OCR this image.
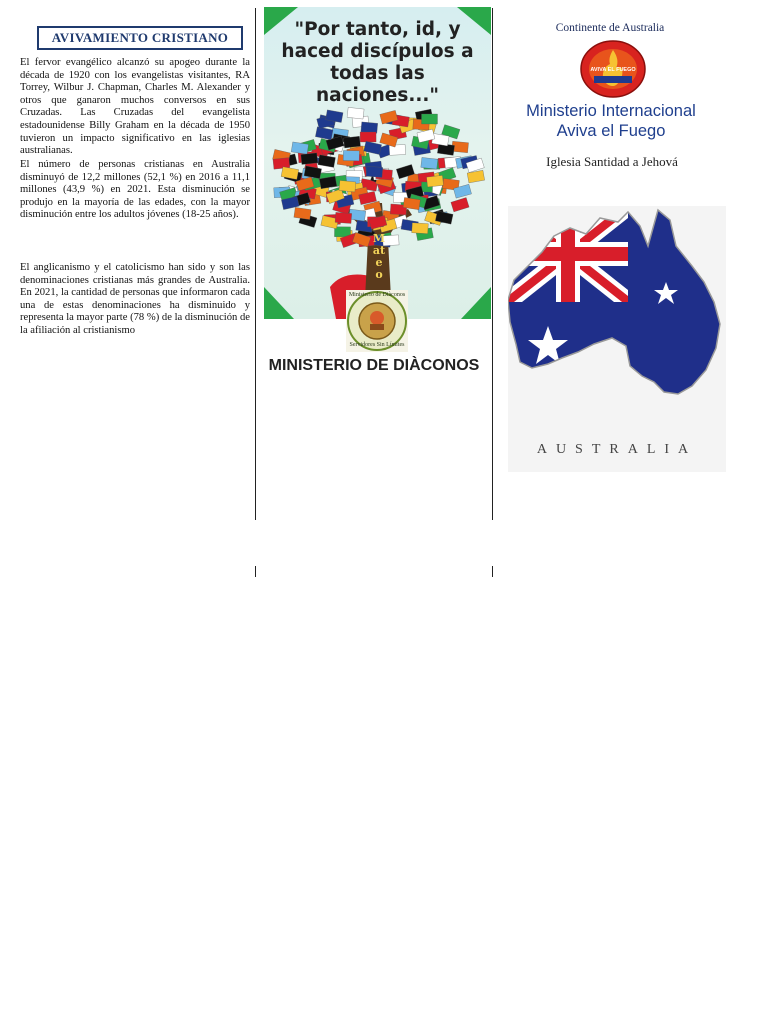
AVIVAMIENTO CRISTIANO

El fervor evangélico alcanzó su apogeo durante la década de 1920 con los evangelistas visitantes, RA Torrey, Wilbur J. Chapman, Charles M. Alexander y otros que ganaron muchos conversos en sus Cruzadas. Las Cruzadas del evangelista estadounidense Billy Graham en la década de 1950 tuvieron un impacto significativo en las iglesias australianas.

El número de personas cristianas en Australia disminuyó de 12,2 millones (52,1 %) en 2016 a 11,1 millones (43,9 %) en 2021. Esta disminución se produjo en la mayoría de las edades, con la mayor disminución entre los adultos jóvenes (18-25 años).

El anglicanismo y el catolicismo han sido y son las denominaciones cristianas más grandes de Australia. En 2021, la cantidad de personas que informaron cada una de estas denominaciones ha disminuido y representa la mayor parte (78 %) de la disminución de la afiliación al cristianismo

"Por tanto, id, y haced discípulos a todas las naciones..."
Mateo
Ministerio de Diàconos
Servidores Sin Límites
MINISTERIO DE DIÀCONOS
Continente de Australia
AVIVA EL FUEGO
Ministerio Internacional
Aviva el Fuego
Iglesia Santidad a Jehová
AUSTRALIA
